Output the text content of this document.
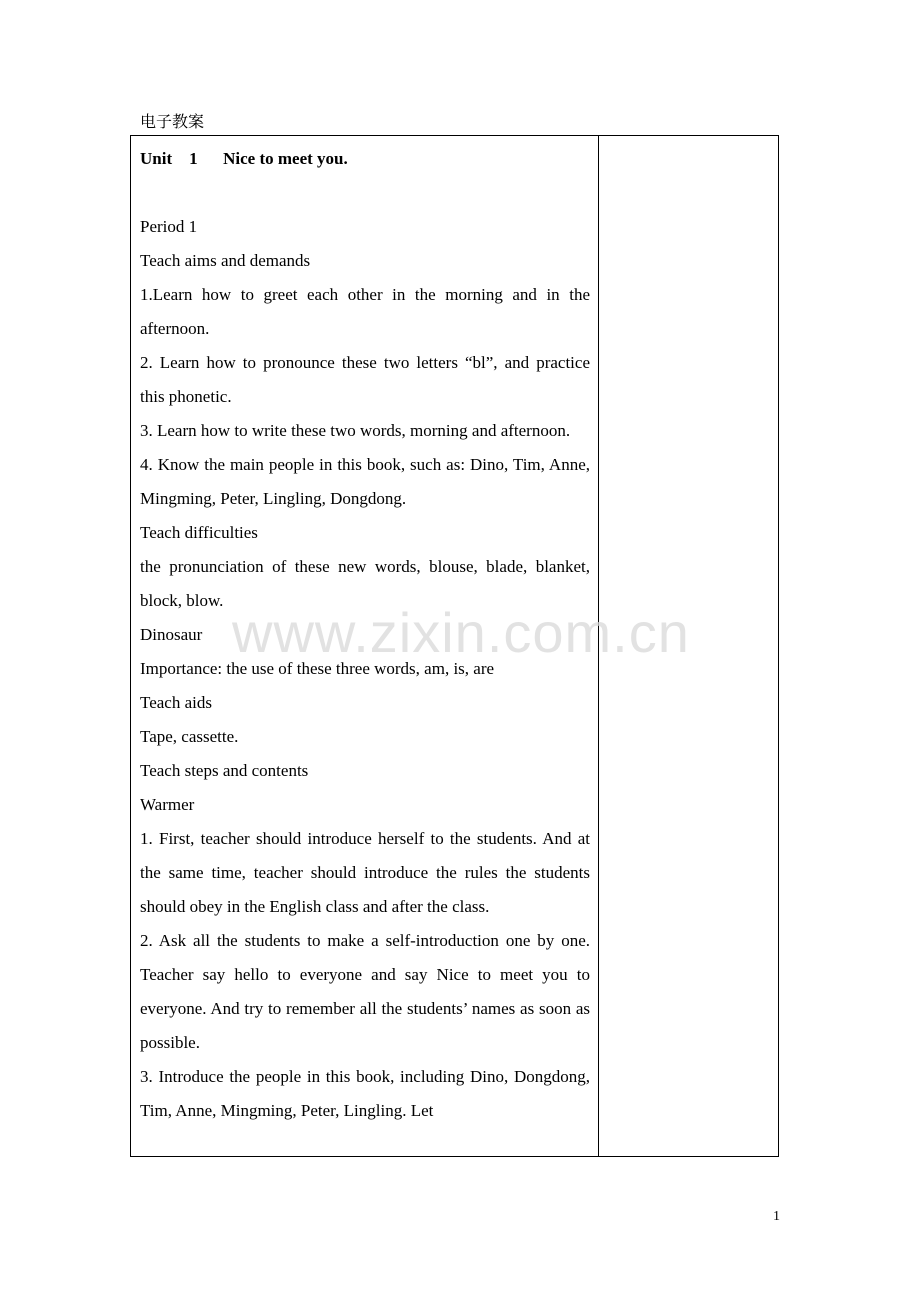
电子教案

Unit    1      Nice to meet you.

Period 1

Teach aims and demands

1.Learn how to greet each other in the morning and in the afternoon.

2. Learn how to pronounce these two letters “bl”, and practice this phonetic.

3. Learn how to write these two words, morning and afternoon.

4. Know the main people in this book, such as: Dino, Tim, Anne, Mingming, Peter, Lingling, Dongdong.

Teach difficulties

the pronunciation of these new words, blouse, blade, blanket, block, blow.

Dinosaur

Importance: the use of these three words, am, is, are

Teach aids

Tape, cassette.

Teach steps and contents

Warmer

1. First, teacher should introduce herself to the students. And at the same time, teacher should introduce the rules the students should obey in the English class and after the class.

2. Ask all the students to make a self-introduction one by one. Teacher say hello to everyone and say Nice to meet you to everyone. And try to remember all the students’ names as soon as possible.

3. Introduce the people in this book, including Dino, Dongdong, Tim, Anne, Mingming, Peter, Lingling. Let

www.zixin.com.cn
1
